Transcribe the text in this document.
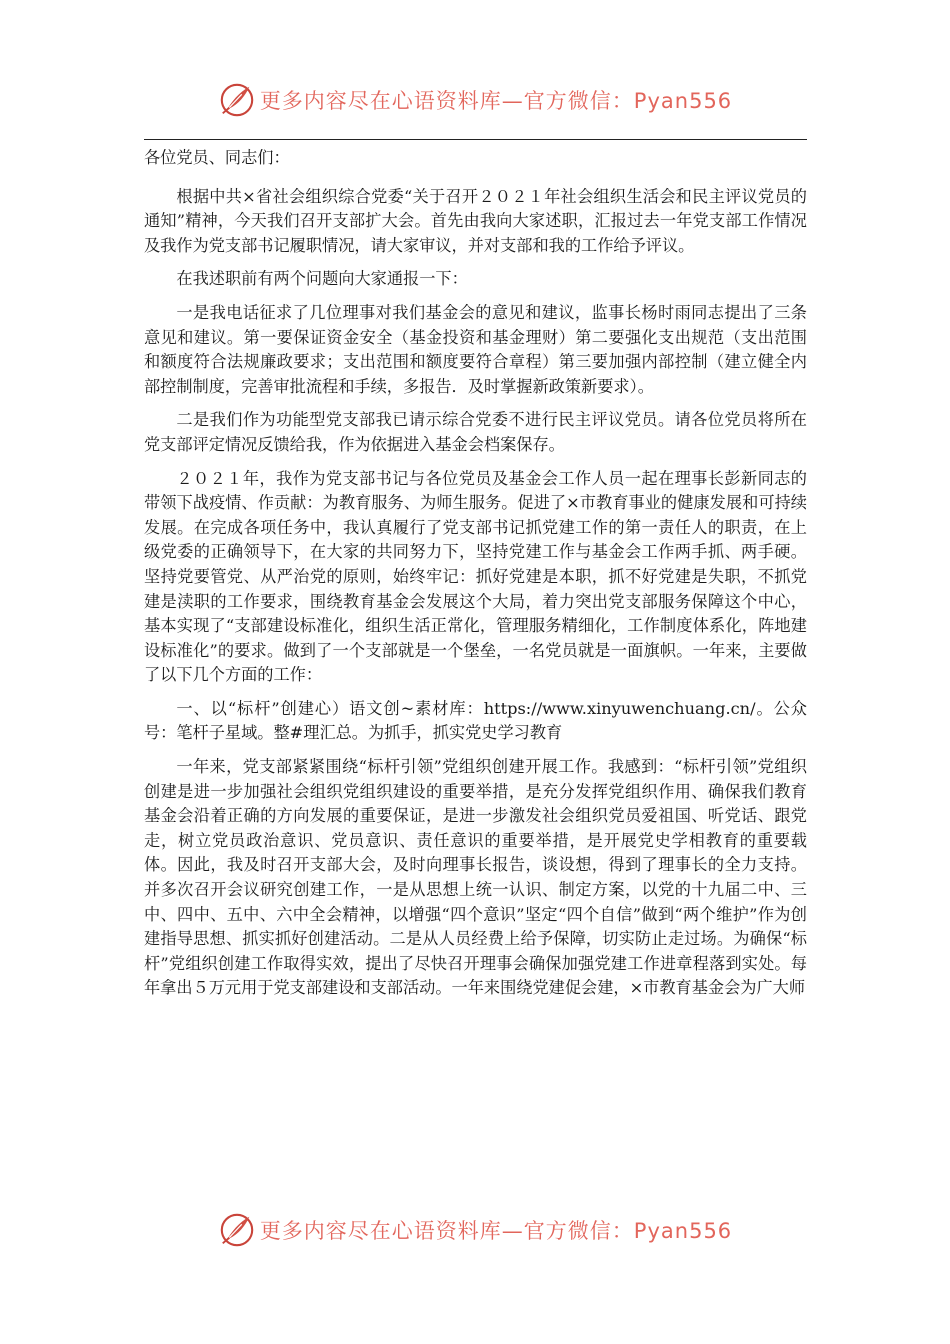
更多内容尽在心语资料库—官方微信：Pyan556

各位党员、同志们：

根据中共×省社会组织综合党委“关于召开２０２１年社会组织生活会和民主评议党员的通知”精神，今天我们召开支部扩大会。首先由我向大家述职，汇报过去一年党支部工作情况及我作为党支部书记履职情况，请大家审议，并对支部和我的工作给予评议。

在我述职前有两个问题向大家通报一下：

一是我电话征求了几位理事对我们基金会的意见和建议，监事长杨时雨同志提出了三条意见和建议。第一要保证资金安全（基金投资和基金理财）第二要强化支出规范（支出范围和额度符合法规廉政要求；支出范围和额度要符合章程）第三要加强内部控制（建立健全内部控制制度，完善审批流程和手续，多报告．及时掌握新政策新要求）。

二是我们作为功能型党支部我已请示综合党委不进行民主评议党员。请各位党员将所在党支部评定情况反馈给我，作为依据进入基金会档案保存。

２０２１年，我作为党支部书记与各位党员及基金会工作人员一起在理事长彭新同志的带领下战疫情、作贡献：为教育服务、为师生服务。促进了×市教育事业的健康发展和可持续发展。在完成各项任务中，我认真履行了党支部书记抓党建工作的第一责任人的职责，在上级党委的正确领导下，在大家的共同努力下，坚持党建工作与基金会工作两手抓、两手硬。坚持党要管党、从严治党的原则，始终牢记：抓好党建是本职，抓不好党建是失职，不抓党建是渎职的工作要求，围绕教育基金会发展这个大局，着力突出党支部服务保障这个中心，基本实现了“支部建设标准化，组织生活正常化，管理服务精细化，工作制度体系化，阵地建设标准化”的要求。做到了一个支部就是一个堡垒，一名党员就是一面旗帜。一年来，主要做了以下几个方面的工作：

一、以“标杆”创建心）语文创~素材库：https://www.xinyuwenchuang.cn/。公众号：笔杆子星域。整#理汇总。为抓手，抓实党史学习教育

一年来，党支部紧紧围绕“标杆引领”党组织创建开展工作。我感到：“标杆引领”党组织创建是进一步加强社会组织党组织建设的重要举措，是充分发挥党组织作用、确保我们教育基金会沿着正确的方向发展的重要保证，是进一步激发社会组织党员爱祖国、听党话、跟党走，树立党员政治意识、党员意识、责任意识的重要举措，是开展党史学相教育的重要载体。因此，我及时召开支部大会，及时向理事长报告，谈设想，得到了理事长的全力支持。并多次召开会议研究创建工作，一是从思想上统一认识、制定方案，以党的十九届二中、三中、四中、五中、六中全会精神，以增强“四个意识”坚定“四个自信”做到“两个维护”作为创建指导思想、抓实抓好创建活动。二是从人员经费上给予保障，切实防止走过场。为确保“标杆”党组织创建工作取得实效，提出了尽快召开理事会确保加强党建工作进章程落到实处。每年拿出５万元用于党支部建设和支部活动。一年来围绕党建促会建，×市教育基金会为广大师

更多内容尽在心语资料库—官方微信：Pyan556
